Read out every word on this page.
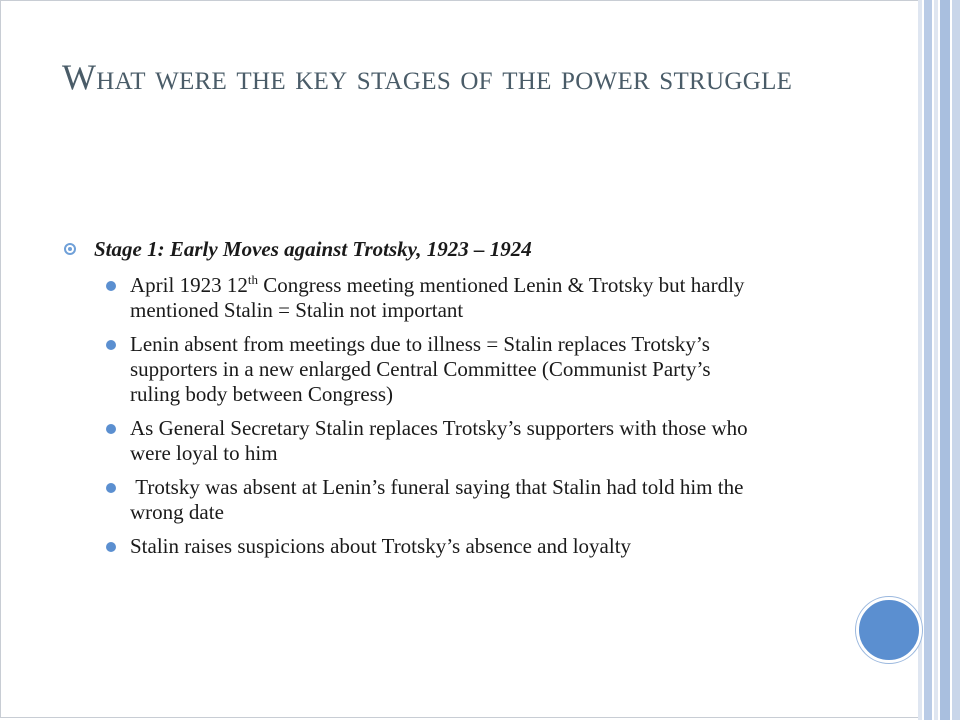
What were the key stages of the power struggle

Stage 1: Early Moves against Trotsky, 1923 – 1924

April 1923 12th Congress meeting mentioned Lenin & Trotsky but hardly mentioned Stalin = Stalin not important
Lenin absent from meetings due to illness = Stalin replaces Trotsky’s supporters in a new enlarged Central Committee (Communist Party’s ruling body between Congress)
As General Secretary Stalin replaces Trotsky’s supporters with those who were loyal to him
Trotsky was absent at Lenin’s funeral saying that Stalin had told him the wrong date
Stalin raises suspicions about Trotsky’s absence and loyalty
